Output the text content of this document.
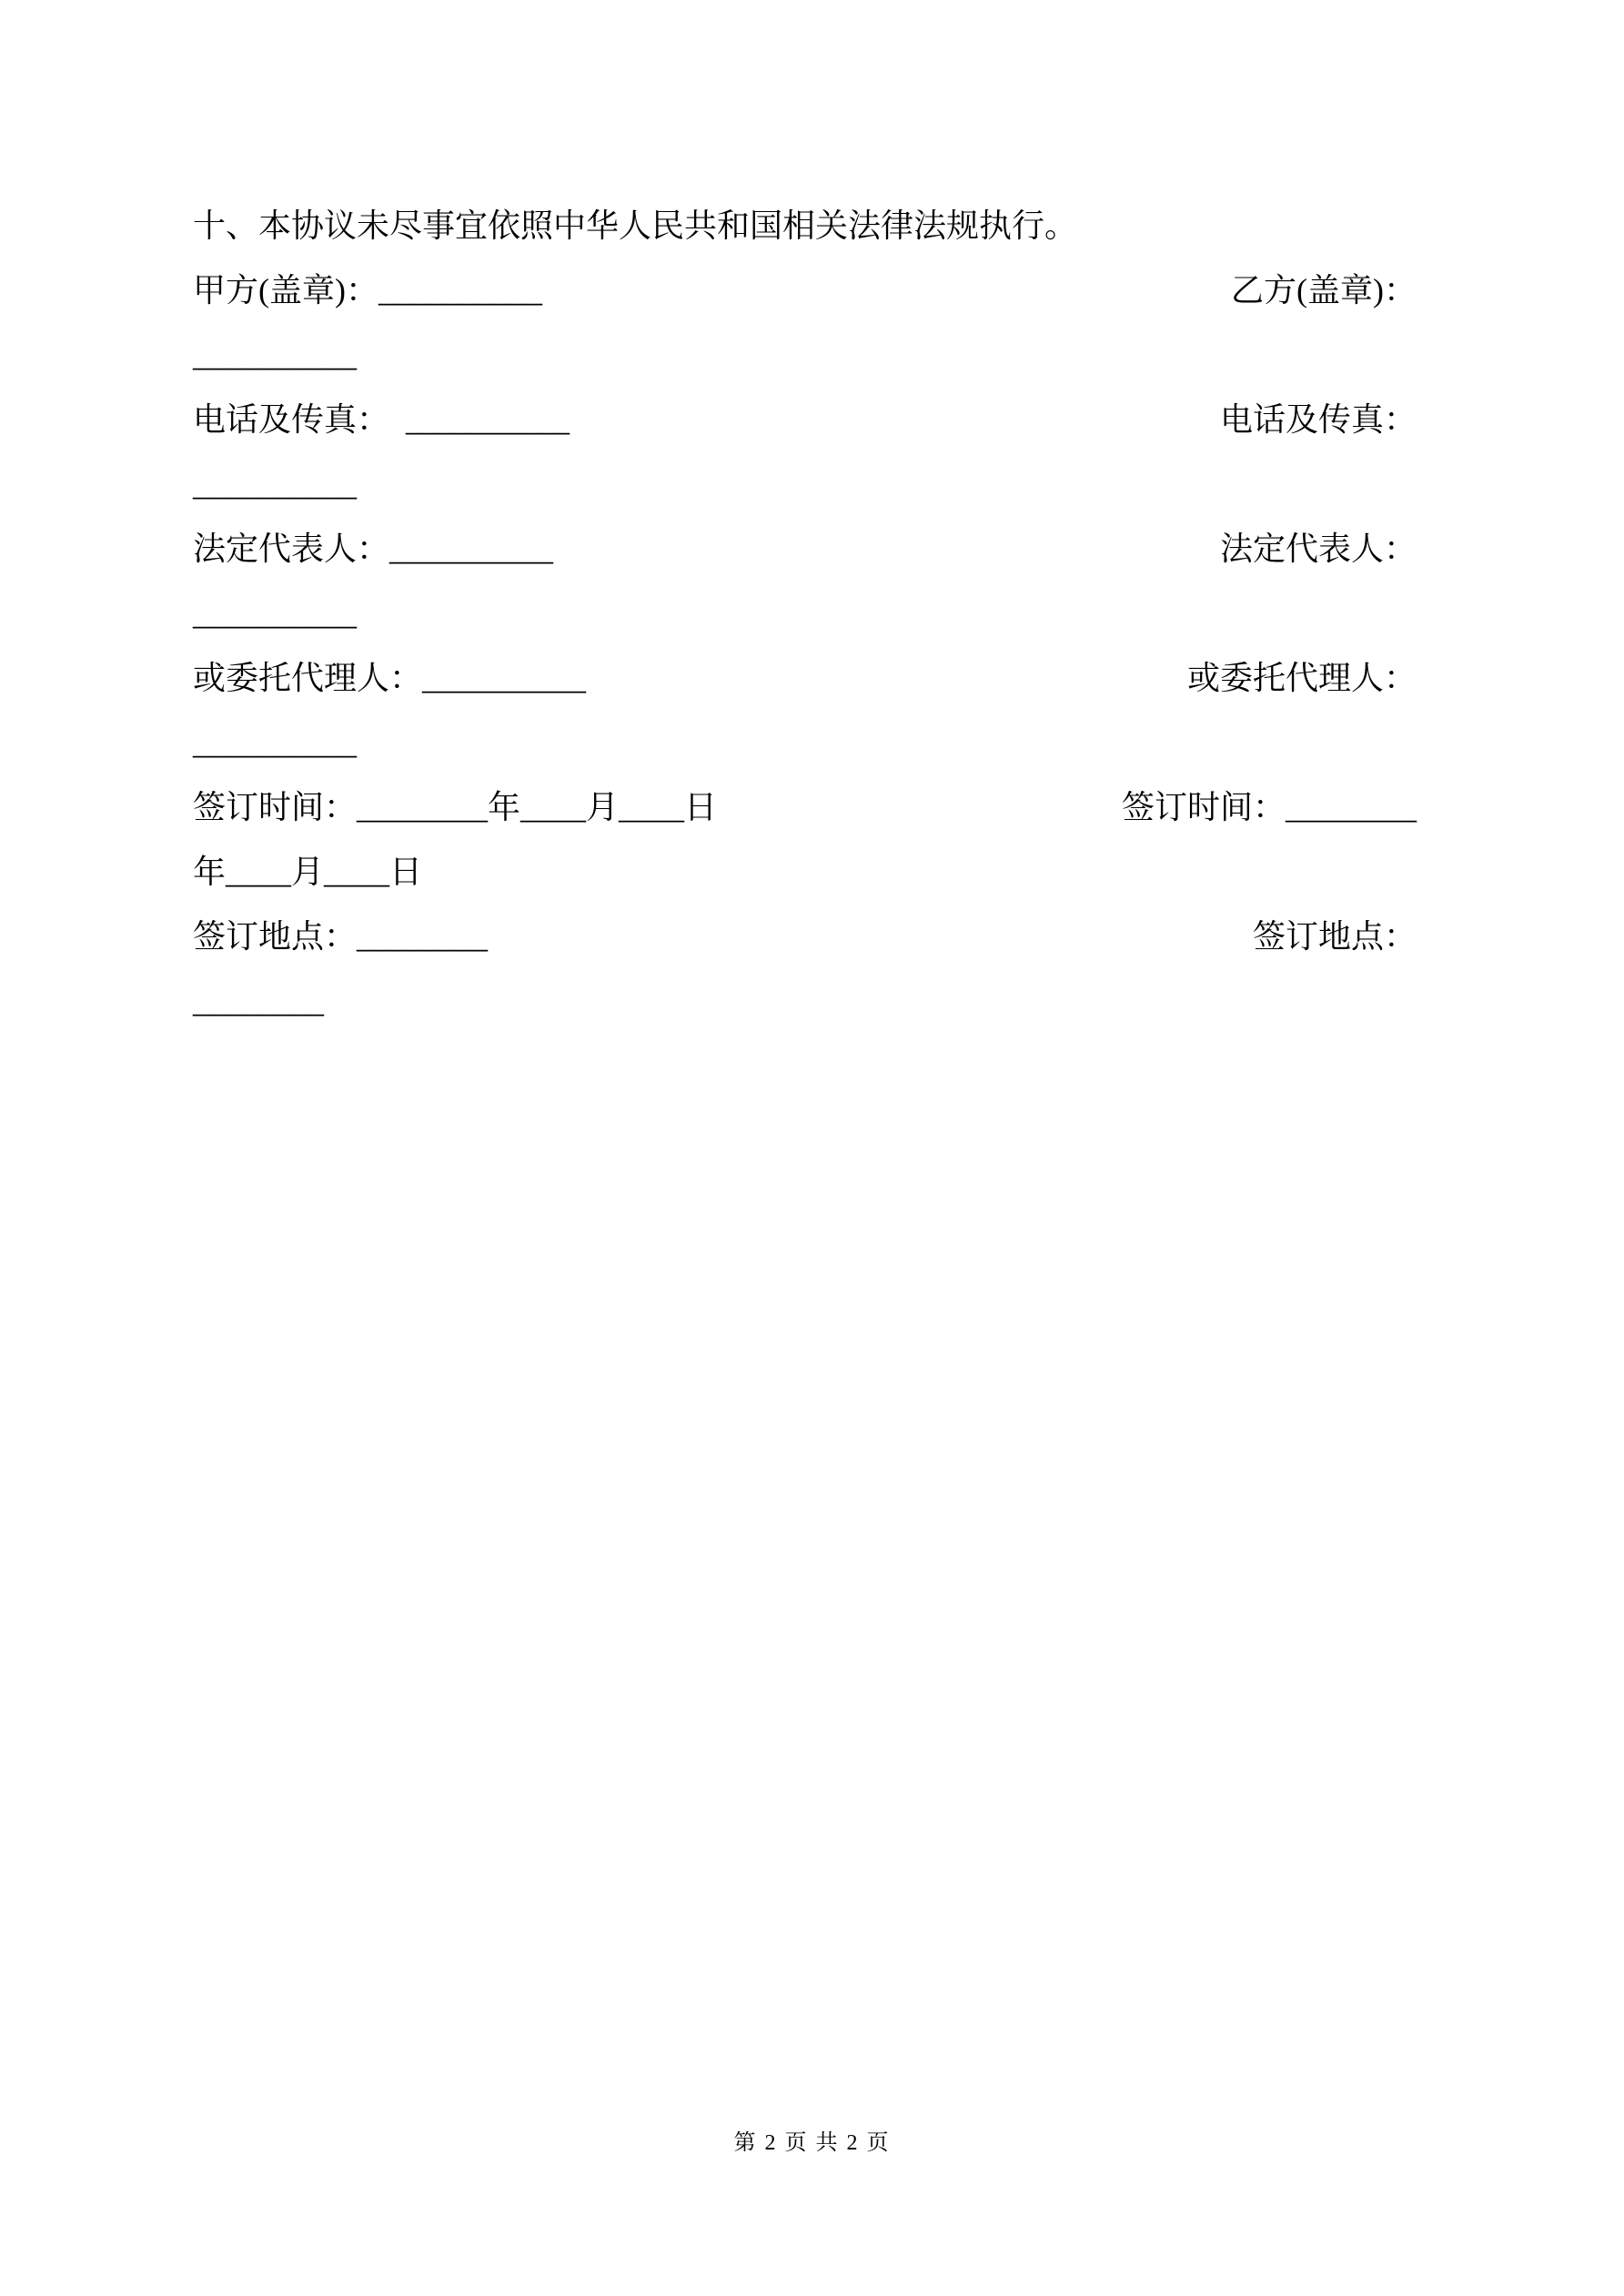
十、本协议未尽事宜依照中华人民共和国相关法律法规执行。
甲方(盖章)：__________	乙方(盖章)：
__________
电话及传真：  __________	电话及传真：
__________
法定代表人：__________	法定代表人：
__________
或委托代理人：__________	或委托代理人：
__________
签订时间：________年____月____日	签订时间：________
年____月____日
签订地点：________	签订地点：
________
第 2 页 共 2 页
